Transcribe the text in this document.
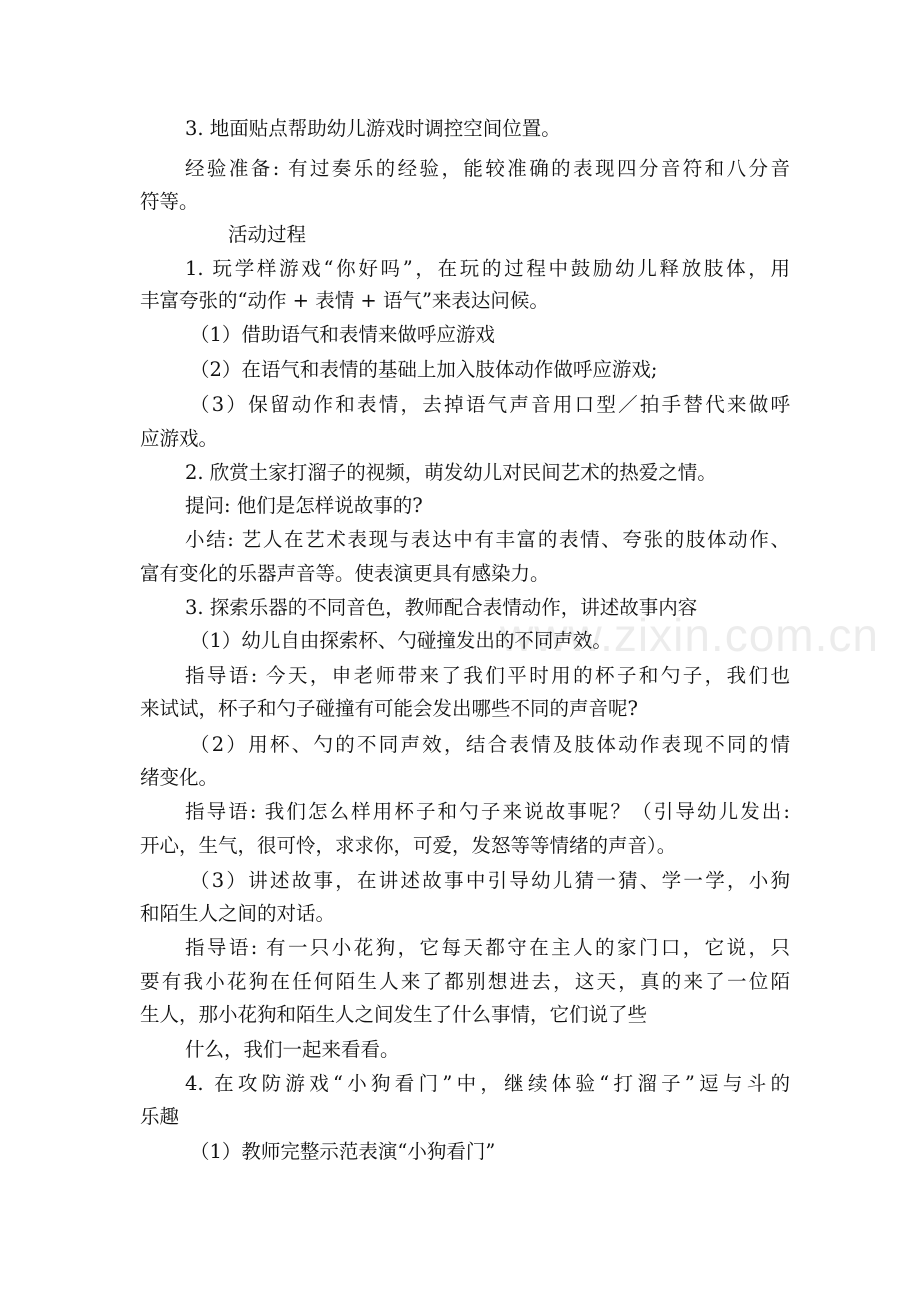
www.zixin.com.cn
3. 地面贴点帮助幼儿游戏时调控空间位置。
经验准备: 有过奏乐的经验，能较准确的表现四分音符和八分音
符等。
活动过程
1. 玩学样游戏“你好吗”，在玩的过程中鼓励幼儿释放肢体，用
丰富夸张的“动作 + 表情 + 语气”来表达问候。
（1）借助语气和表情来做呼应游戏
（2）在语气和表情的基础上加入肢体动作做呼应游戏;
（3）保留动作和表情，去掉语气声音用口型／拍手替代来做呼
应游戏。
2. 欣赏土家打溜子的视频，萌发幼儿对民间艺术的热爱之情。
提问: 他们是怎样说故事的?
小结: 艺人在艺术表现与表达中有丰富的表情、夸张的肢体动作、
富有变化的乐器声音等。使表演更具有感染力。
3. 探索乐器的不同音色，教师配合表情动作，讲述故事内容
（1）幼儿自由探索杯、勺碰撞发出的不同声效。
指导语: 今天，申老师带来了我们平时用的杯子和勺子，我们也
来试试，杯子和勺子碰撞有可能会发出哪些不同的声音呢?
（2）用杯、勺的不同声效，结合表情及肢体动作表现不同的情
绪变化。
指导语: 我们怎么样用杯子和勺子来说故事呢？（引导幼儿发出:
开心，生气，很可怜，求求你，可爱，发怒等等情绪的声音）。
（3）讲述故事，在讲述故事中引导幼儿猜一猜、学一学，小狗
和陌生人之间的对话。
指导语: 有一只小花狗，它每天都守在主人的家门口，它说，只
要有我小花狗在任何陌生人来了都别想进去，这天，真的来了一位陌
生人，那小花狗和陌生人之间发生了什么事情，它们说了些
什么，我们一起来看看。
4. 在攻防游戏“小狗看门”中，继续体验“打溜子”逗与斗的
乐趣
（1）教师完整示范表演“小狗看门”
